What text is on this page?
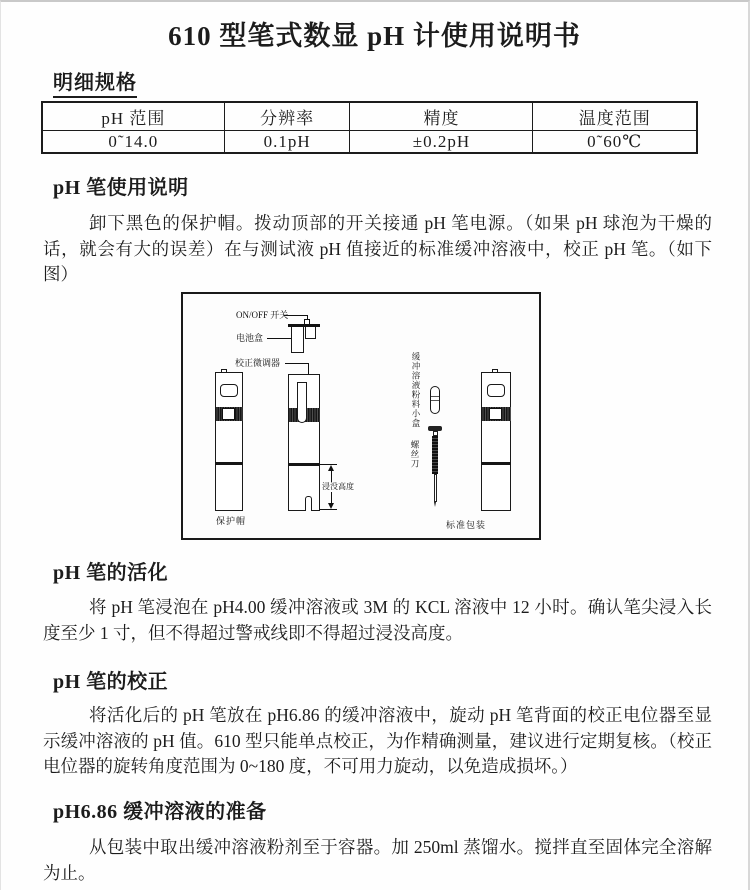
610 型笔式数显 pH 计使用说明书
明细规格
pH 范围	分辨率	精度	温度范围
0˜14.0	0.1pH	±0.2pH	0˜60℃
pH 笔使用说明

卸下黑色的保护帽。拨动顶部的开关接通 pH 笔电源。（如果 pH 球泡为干燥的话，就会有大的误差）在与测试液 pH 值接近的标准缓冲溶液中，校正 pH 笔。（如下图）

ON/OFF 开关
电池盒
校正微调器
保护帽
浸没高度
缓冲溶液粉料小盒
螺丝刀
标准包装
pH 笔的活化

将 pH 笔浸泡在 pH4.00 缓冲溶液或 3M 的 KCL 溶液中 12 小时。确认笔尖浸入长度至少 1 寸，但不得超过警戒线即不得超过浸没高度。

pH 笔的校正

将活化后的 pH 笔放在 pH6.86 的缓冲溶液中，旋动 pH 笔背面的校正电位器至显示缓冲溶液的 pH 值。610 型只能单点校正，为作精确测量，建议进行定期复核。（校正电位器的旋转角度范围为 0~180 度，不可用力旋动，以免造成损坏。）

pH6.86 缓冲溶液的准备

从包装中取出缓冲溶液粉剂至于容器。加 250ml 蒸馏水。搅拌直至固体完全溶解为止。
